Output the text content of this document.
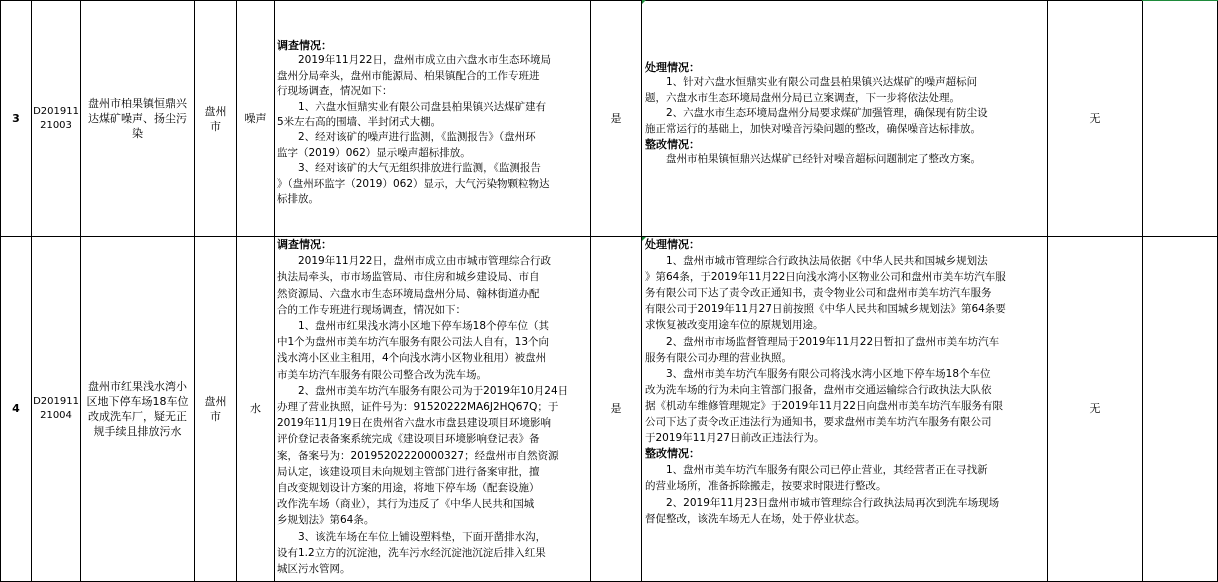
3
D201911
21003
盘州市柏果镇恒鼎兴
达煤矿噪声、扬尘污
染
盘州
市
噪声
调查情况：
　　2019年11月22日，盘州市成立由六盘水市生态环境局
盘州分局牵头，盘州市能源局、柏果镇配合的工作专班进
行现场调查，情况如下：
　　1、六盘水恒鼎实业有限公司盘县柏果镇兴达煤矿建有
5米左右高的围墙、半封闭式大棚。
　　2、经对该矿的噪声进行监测，《监测报告》（盘州环
监字（2019）062）显示噪声超标排放。
　　3、经对该矿的大气无组织排放进行监测，《监测报告
》（盘州环监字（2019）062）显示，大气污染物颗粒物达
标排放。
是
处理情况：
　　1、针对六盘水恒鼎实业有限公司盘县柏果镇兴达煤矿的噪声超标问
题，六盘水市生态环境局盘州分局已立案调查，下一步将依法处理。
　　2、六盘水市生态环境局盘州分局要求煤矿加强管理，确保现有防尘设
施正常运行的基础上，加快对噪音污染问题的整改，确保噪音达标排放。
整改情况：
　　盘州市柏果镇恒鼎兴达煤矿已经针对噪音超标问题制定了整改方案。
无
4
D201911
21004
盘州市红果浅水湾小
区地下停车场18车位
改成洗车厂，疑无正
规手续且排放污水
盘州
市
水
调查情况：
　　2019年11月22日，盘州市成立由市城市管理综合行政
执法局牵头，市市场监管局、市住房和城乡建设局、市自
然资源局、六盘水市生态环境局盘州分局、翰林街道办配
合的工作专班进行现场调查，情况如下：
　　1、盘州市红果浅水湾小区地下停车场18个停车位（其
中1个为盘州市美车坊汽车服务有限公司法人自有，13个向
浅水湾小区业主租用，4个向浅水湾小区物业租用）被盘州
市美车坊汽车服务有限公司整合改为洗车场。
　　2、盘州市美车坊汽车服务有限公司为于2019年10月24日
办理了营业执照，证件号为：91520222MA6J2HQ67Q；于
2019年11月19日在贵州省六盘水市盘县建设项目环境影响
评价登记表备案系统完成《建设项目环境影响登记表》备
案，备案号为：20195202220000327；经盘州市自然资源
局认定，该建设项目未向规划主管部门进行备案审批，擅
自改变规划设计方案的用途，将地下停车场（配套设施）
改作洗车场（商业），其行为违反了《中华人民共和国城
乡规划法》第64条。
　　3、该洗车场在车位上铺设塑料垫，下面开凿排水沟，
设有1.2立方的沉淀池，洗车污水经沉淀池沉淀后排入红果
城区污水管网。
是
处理情况：
　　1、盘州市城市管理综合行政执法局依据《中华人民共和国城乡规划法
》第64条，于2019年11月22日向浅水湾小区物业公司和盘州市美车坊汽车服
务有限公司下达了责令改正通知书，责令物业公司和盘州市美车坊汽车服务
有限公司于2019年11月27日前按照《中华人民共和国城乡规划法》第64条要
求恢复被改变用途车位的原规划用途。
　　2、盘州市市场监督管理局于2019年11月22日暂扣了盘州市美车坊汽车
服务有限公司办理的营业执照。
　　3、盘州市美车坊汽车服务有限公司将浅水湾小区地下停车场18个车位
改为洗车场的行为未向主管部门报备，盘州市交通运输综合行政执法大队依
据《机动车维修管理规定》于2019年11月22日向盘州市美车坊汽车服务有限
公司下达了责令改正违法行为通知书，要求盘州市美车坊汽车服务有限公司
于2019年11月27日前改正违法行为。
整改情况：
　　1、盘州市美车坊汽车服务有限公司已停止营业，其经营者正在寻找新
的营业场所，准备拆除搬走，按要求时限进行整改。
　　2、2019年11月23日盘州市城市管理综合行政执法局再次到洗车场现场
督促整改，该洗车场无人在场，处于停业状态。
无
